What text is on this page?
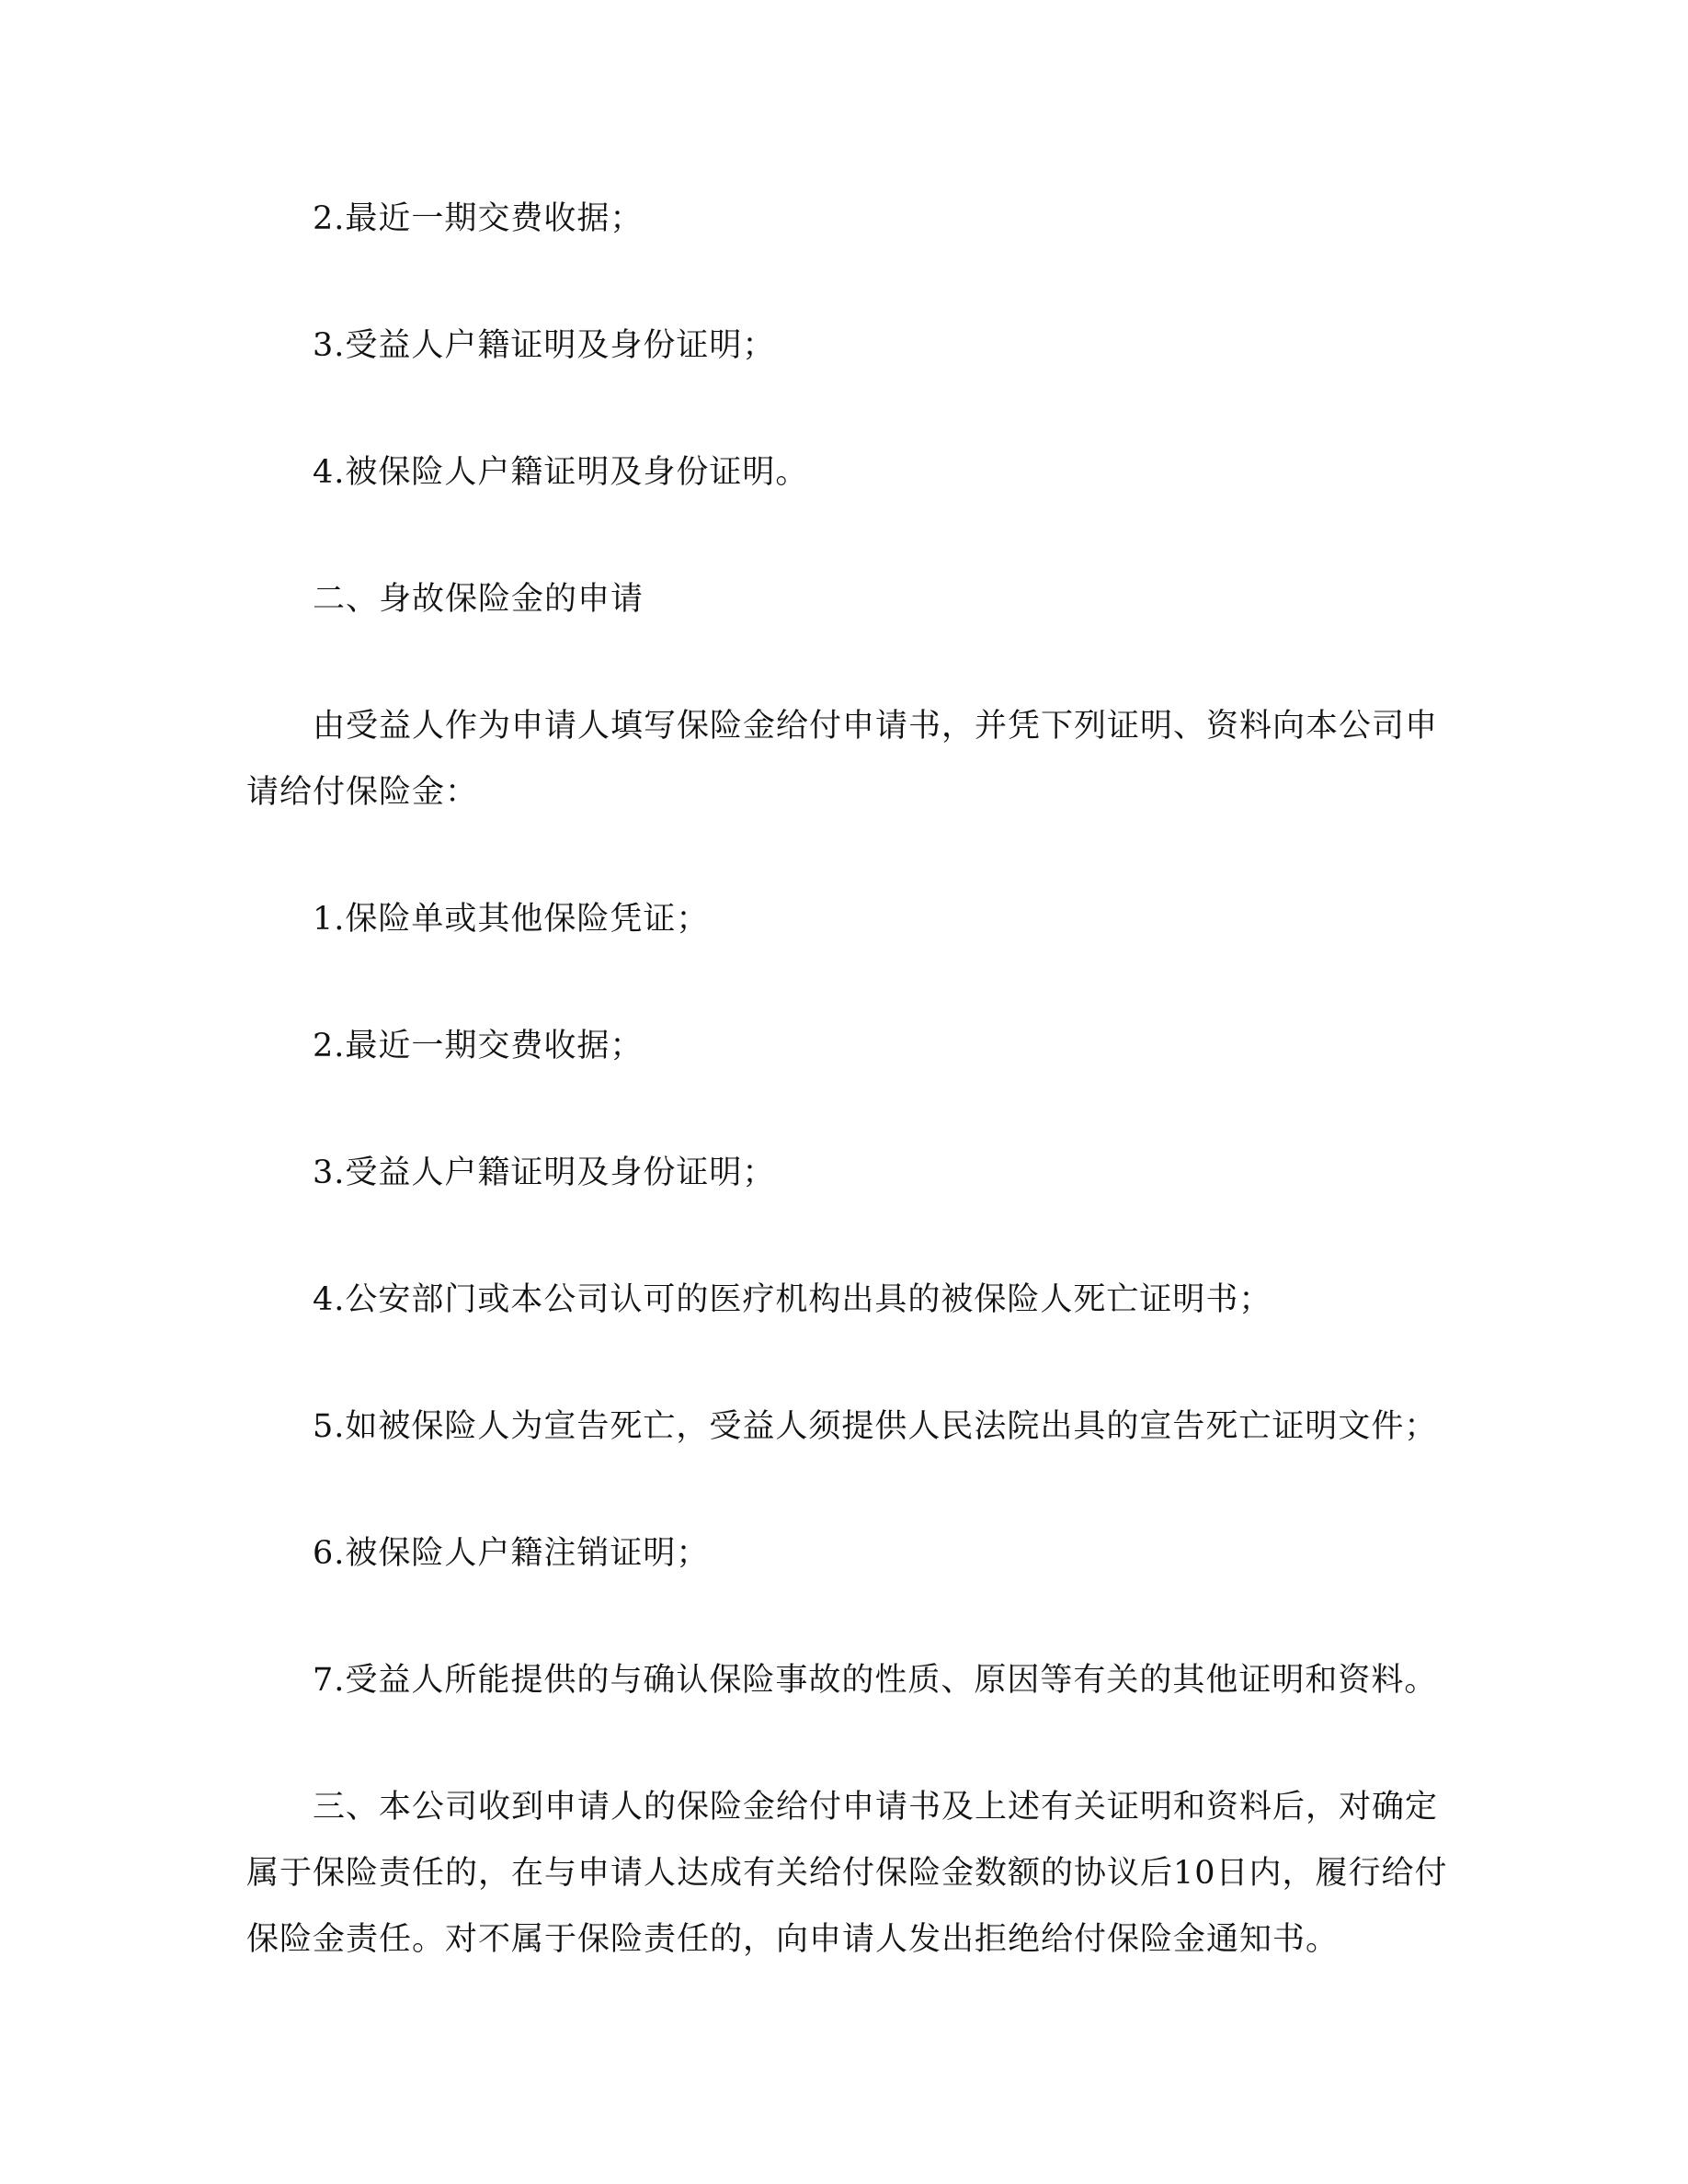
2.最近一期交费收据；
3.受益人户籍证明及身份证明；
4.被保险人户籍证明及身份证明。
二、身故保险金的申请
由受益人作为申请人填写保险金给付申请书，并凭下列证明、资料向本公司申
请给付保险金：
1.保险单或其他保险凭证；
2.最近一期交费收据；
3.受益人户籍证明及身份证明；
4.公安部门或本公司认可的医疗机构出具的被保险人死亡证明书；
5.如被保险人为宣告死亡，受益人须提供人民法院出具的宣告死亡证明文件；
6.被保险人户籍注销证明；
7.受益人所能提供的与确认保险事故的性质、原因等有关的其他证明和资料。
三、本公司收到申请人的保险金给付申请书及上述有关证明和资料后，对确定
属于保险责任的，在与申请人达成有关给付保险金数额的协议后10日内，履行给付
保险金责任。对不属于保险责任的，向申请人发出拒绝给付保险金通知书。
